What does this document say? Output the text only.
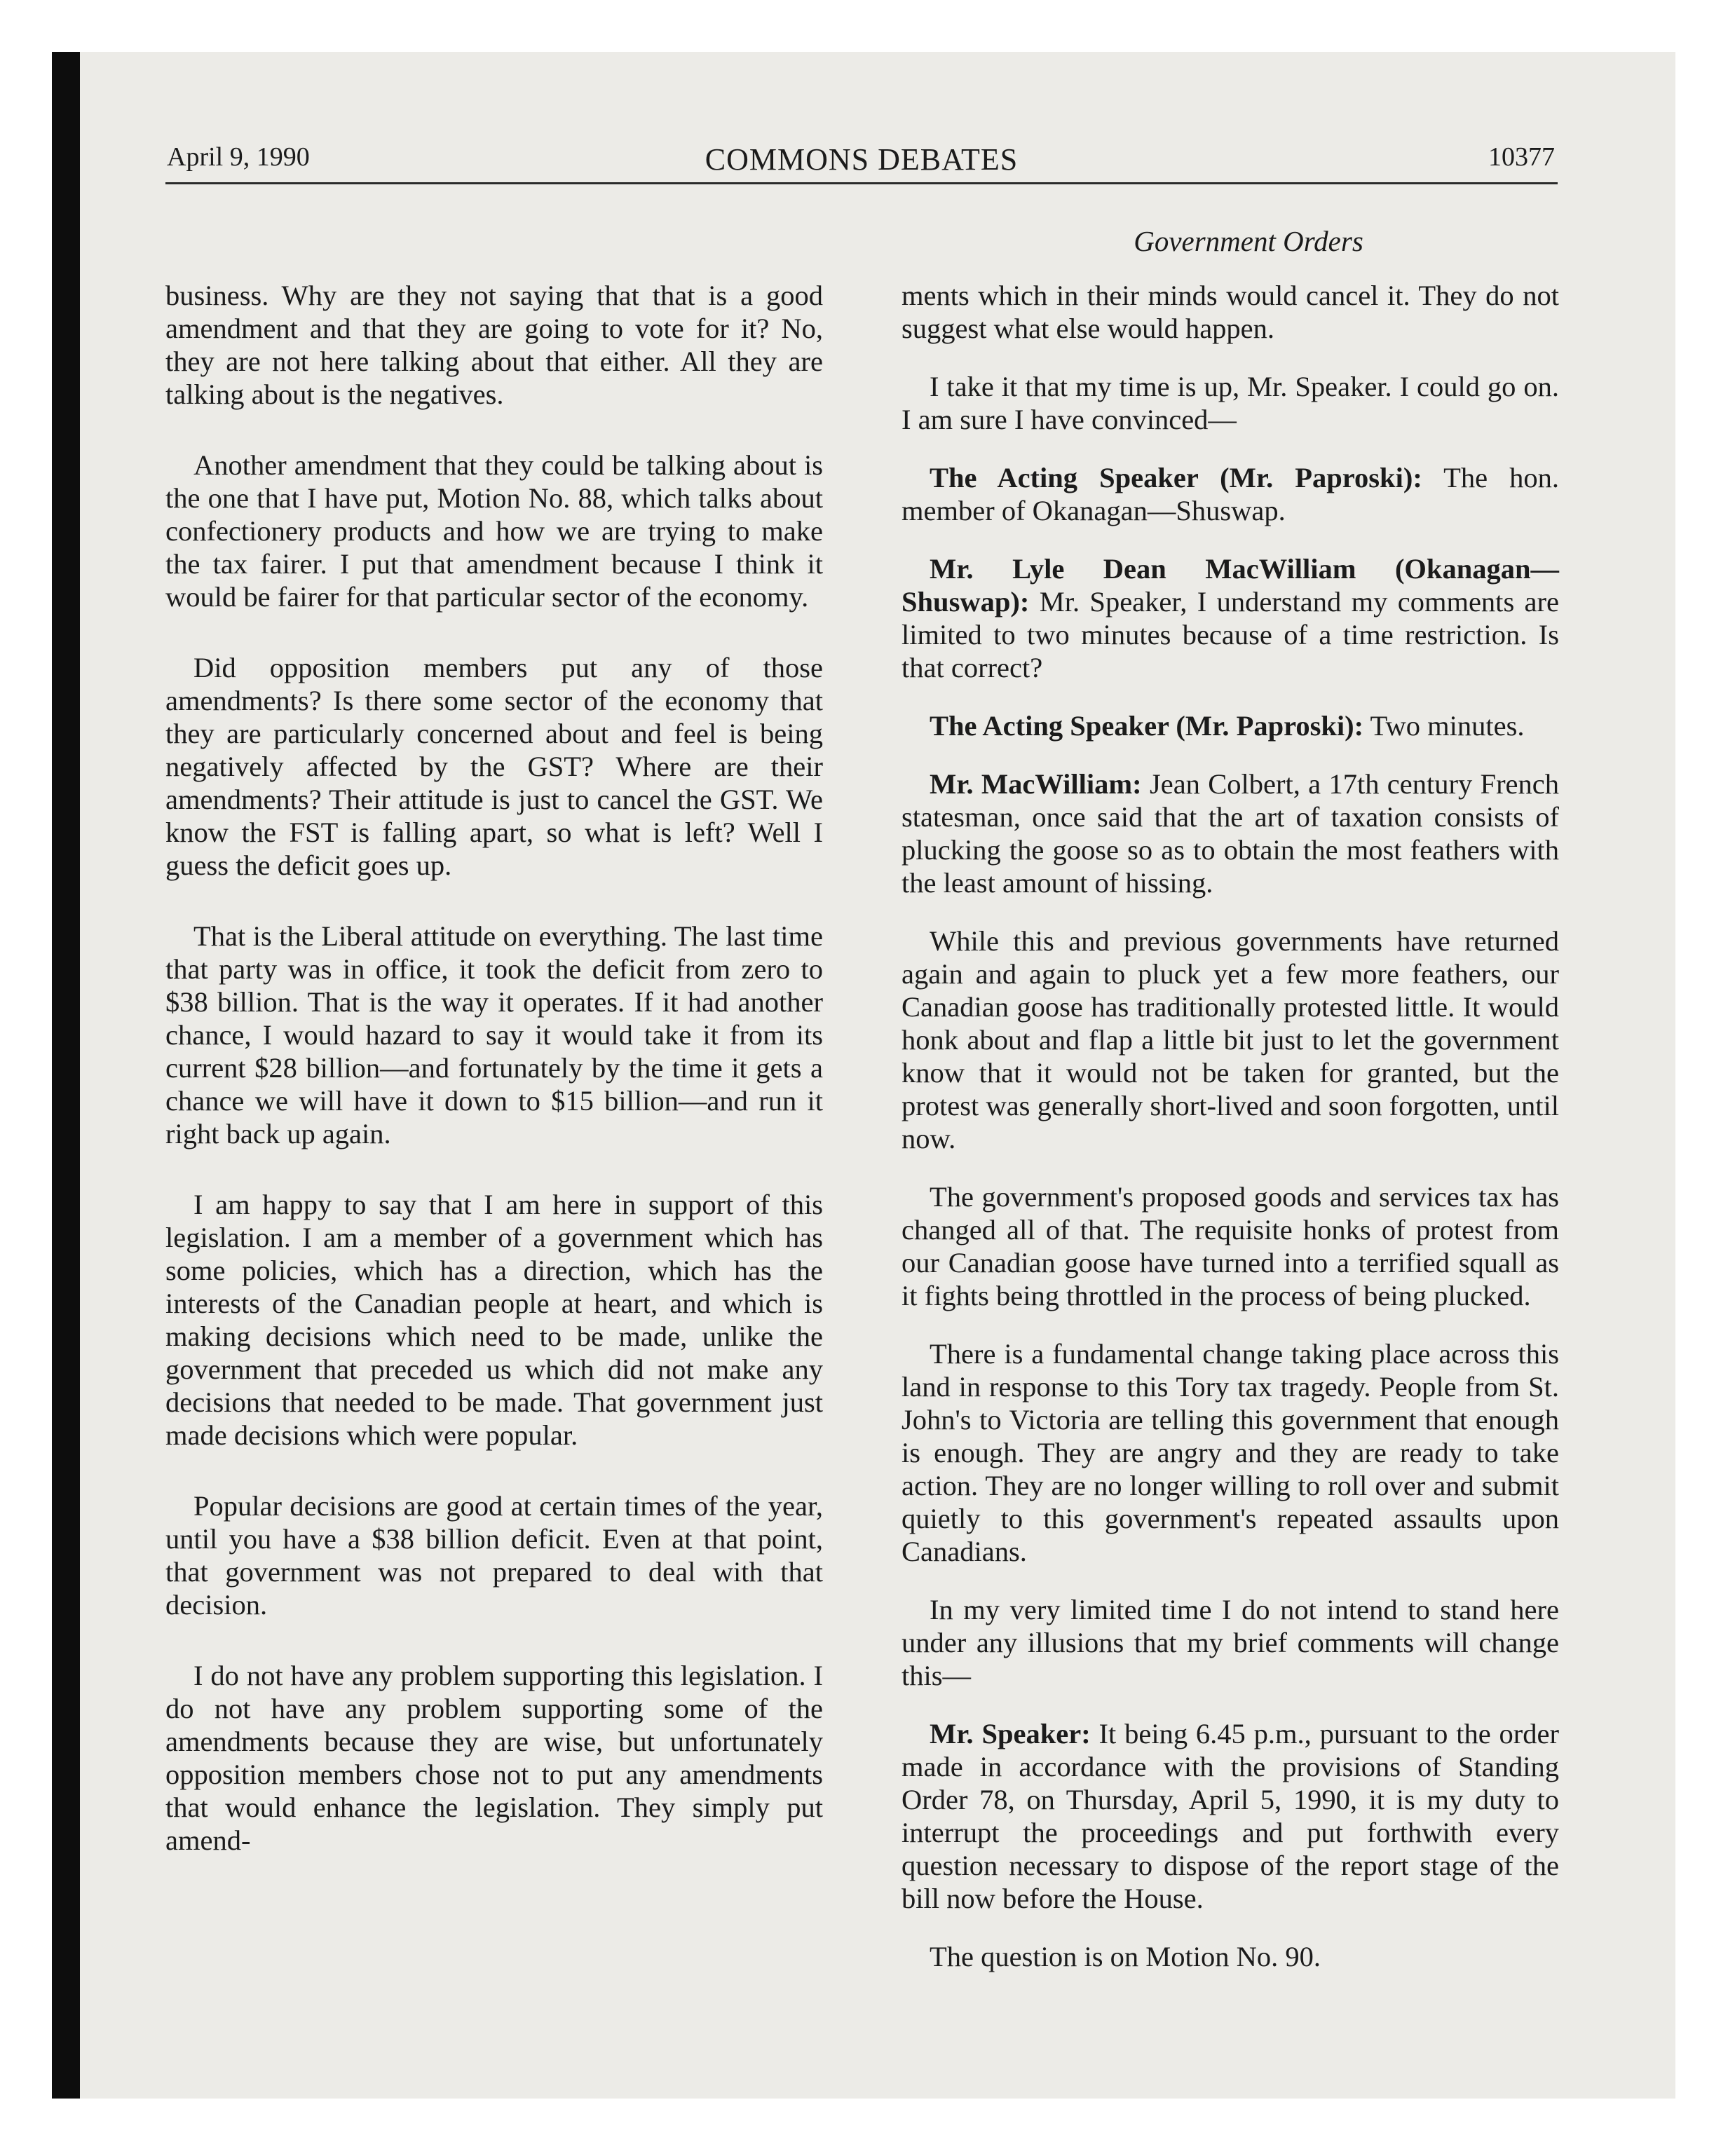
April 9, 1990	COMMONS DEBATES	10377
Government Orders

business. Why are they not saying that that is a good amendment and that they are going to vote for it? No, they are not here talking about that either. All they are talking about is the negatives.

Another amendment that they could be talking about is the one that I have put, Motion No. 88, which talks about confectionery products and how we are trying to make the tax fairer. I put that amendment because I think it would be fairer for that particular sector of the economy.

Did opposition members put any of those amendments? Is there some sector of the economy that they are particularly concerned about and feel is being negatively affected by the GST? Where are their amendments? Their attitude is just to cancel the GST. We know the FST is falling apart, so what is left? Well I guess the deficit goes up.

That is the Liberal attitude on everything. The last time that party was in office, it took the deficit from zero to $38 billion. That is the way it operates. If it had another chance, I would hazard to say it would take it from its current $28 billion—and fortunately by the time it gets a chance we will have it down to $15 billion—and run it right back up again.

I am happy to say that I am here in support of this legislation. I am a member of a government which has some policies, which has a direction, which has the interests of the Canadian people at heart, and which is making decisions which need to be made, unlike the government that preceded us which did not make any decisions that needed to be made. That government just made decisions which were popular.

Popular decisions are good at certain times of the year, until you have a $38 billion deficit. Even at that point, that government was not prepared to deal with that decision.

I do not have any problem supporting this legislation. I do not have any problem supporting some of the amendments because they are wise, but unfortunately opposition members chose not to put any amendments that would enhance the legislation. They simply put amend-

ments which in their minds would cancel it. They do not suggest what else would happen.

I take it that my time is up, Mr. Speaker. I could go on. I am sure I have convinced—

The Acting Speaker (Mr. Paproski): The hon. member of Okanagan—Shuswap.

Mr. Lyle Dean MacWilliam (Okanagan—Shuswap): Mr. Speaker, I understand my comments are limited to two minutes because of a time restriction. Is that correct?

The Acting Speaker (Mr. Paproski): Two minutes.

Mr. MacWilliam: Jean Colbert, a 17th century French statesman, once said that the art of taxation consists of plucking the goose so as to obtain the most feathers with the least amount of hissing.

While this and previous governments have returned again and again to pluck yet a few more feathers, our Canadian goose has traditionally protested little. It would honk about and flap a little bit just to let the government know that it would not be taken for granted, but the protest was generally short-lived and soon forgotten, until now.

The government's proposed goods and services tax has changed all of that. The requisite honks of protest from our Canadian goose have turned into a terrified squall as it fights being throttled in the process of being plucked.

There is a fundamental change taking place across this land in response to this Tory tax tragedy. People from St. John's to Victoria are telling this government that enough is enough. They are angry and they are ready to take action. They are no longer willing to roll over and submit quietly to this government's repeated assaults upon Canadians.

In my very limited time I do not intend to stand here under any illusions that my brief comments will change this—

Mr. Speaker: It being 6.45 p.m., pursuant to the order made in accordance with the provisions of Standing Order 78, on Thursday, April 5, 1990, it is my duty to interrupt the proceedings and put forthwith every question necessary to dispose of the report stage of the bill now before the House.

The question is on Motion No. 90.
